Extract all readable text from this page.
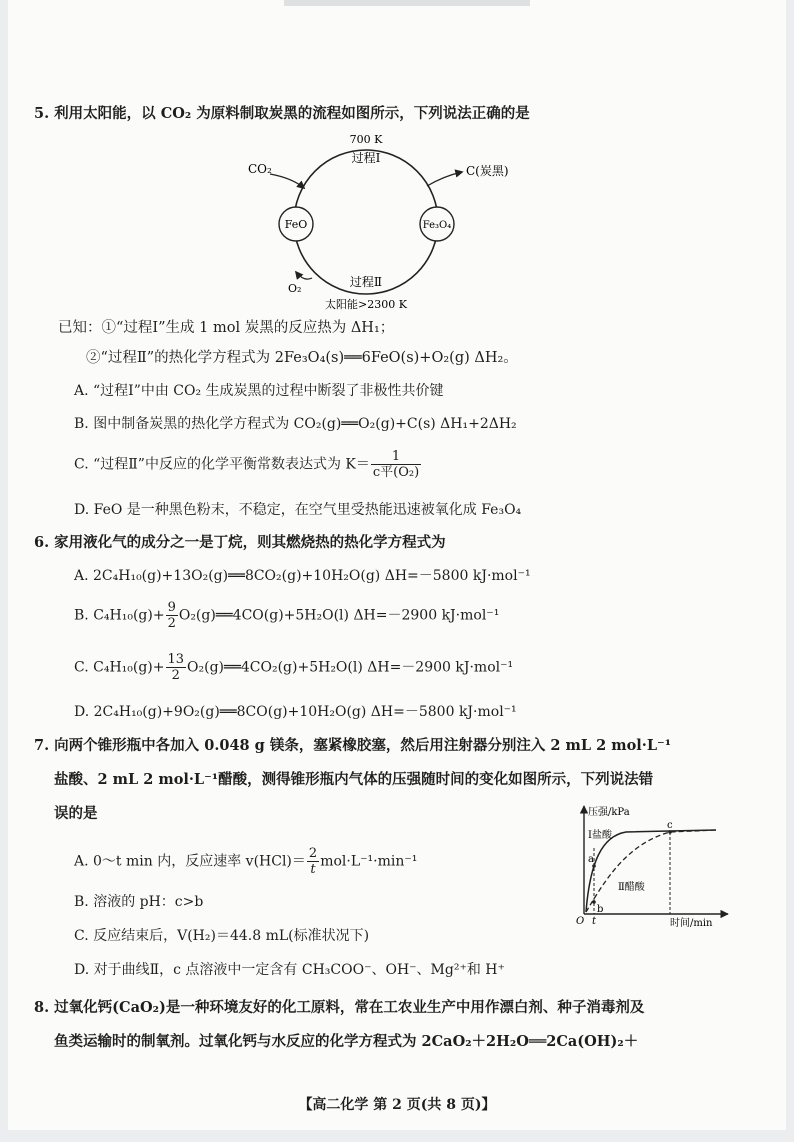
5. 利用太阳能，以 CO₂ 为原料制取炭黑的流程如图所示，下列说法正确的是
FeO	Fe₃O₄
700 K
过程Ⅰ
CO₂	C(炭黑)
O₂	过程Ⅱ
太阳能>2300 K
已知：①“过程Ⅰ”生成 1 mol 炭黑的反应热为 ΔH₁；
②“过程Ⅱ”的热化学方程式为 2Fe₃O₄(s)══6FeO(s)+O₂(g) ΔH₂。
A. “过程Ⅰ”中由 CO₂ 生成炭黑的过程中断裂了非极性共价键
B. 图中制备炭黑的热化学方程式为 CO₂(g)══O₂(g)+C(s) ΔH₁+2ΔH₂
C. “过程Ⅱ”中反应的化学平衡常数表达式为 $K= \frac{1}{\text{c平(O₂)}}$
D. FeO 是一种黑色粉末，不稳定，在空气里受热能迅速被氧化成 Fe₃O₄
6. 家用液化气的成分之一是丁烷，则其燃烧热的热化学方程式为
A. 2C₄H₁₀(g)+13O₂(g)══8CO₂(g)+10H₂O(g) ΔH=－5800 kJ·mol⁻¹
B. $C_4H_{10}(g)+ \frac{9}{2}$ O₂(g)══4CO(g)+5H₂O(l) ΔH=－2900 kJ·mol⁻¹
C. $C_4H_{10}(g)+ \frac{13}{2}$ O₂(g)══4CO₂(g)+5H₂O(l) ΔH=－2900 kJ·mol⁻¹
D. 2C₄H₁₀(g)+9O₂(g)══8CO(g)+10H₂O(g) ΔH=－5800 kJ·mol⁻¹
7. 向两个锥形瓶中各加入 0.048 g 镁条，塞紧橡胶塞，然后用注射器分别注入 2 mL 2 mol·L⁻¹
盐酸、2 mL 2 mol·L⁻¹醋酸，测得锥形瓶内气体的压强随时间的变化如图所示，下列说法错
误的是
A. 0～t min 内，反应速率 $v(HCl)= \frac{2}{t} mol\cdot L^{-1}\cdot\min^{-1}$
B. 溶液的 pH：c>b
C. 反应结束后，V(H₂)＝44.8 mL(标准状况下)
D. 对于曲线Ⅱ，c 点溶液中一定含有 CH₃COO⁻、OH⁻、Mg²⁺和 H⁺
压强/kPa
时间/min
O t
a
b
c
Ⅰ盐酸
Ⅱ醋酸
8. 过氧化钙(CaO₂)是一种环境友好的化工原料，常在工农业生产中用作漂白剂、种子消毒剂及
鱼类运输时的制氧剂。过氧化钙与水反应的化学方程式为 2CaO₂＋2H₂O══2Ca(OH)₂＋
【高二化学 第 2 页(共 8 页)】
